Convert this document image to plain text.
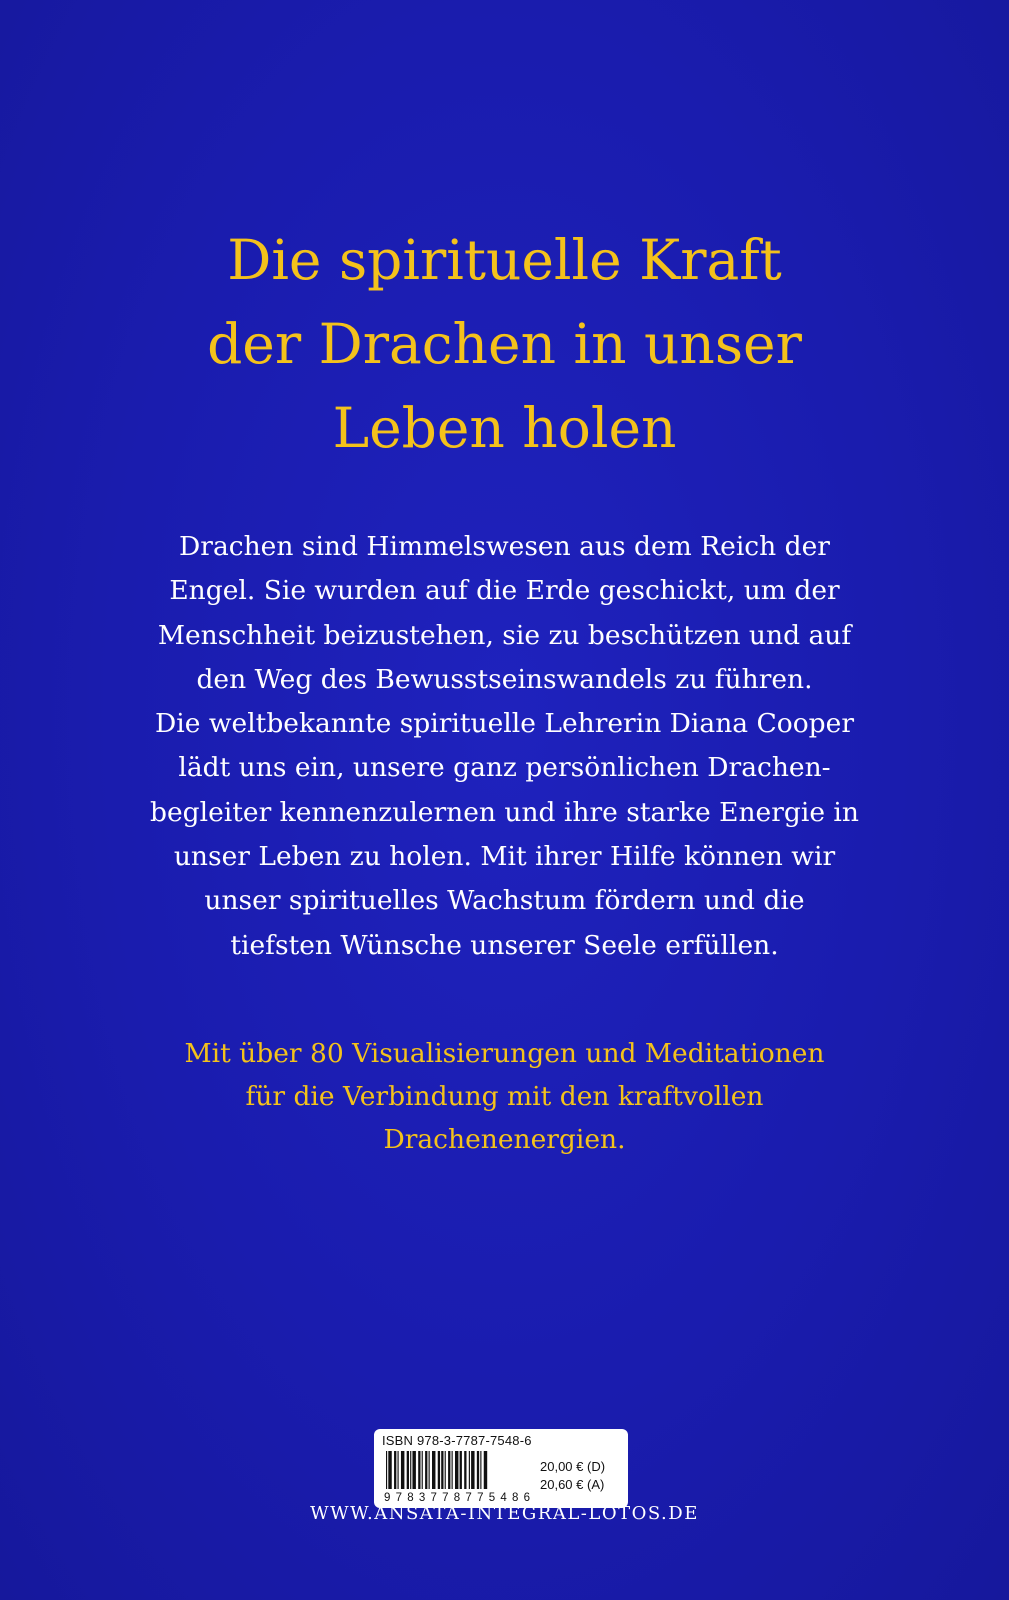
Die spirituelle Kraft
der Drachen in unser
Leben holen
Drachen sind Himmelswesen aus dem Reich der
Engel. Sie wurden auf die Erde geschickt, um der
Menschheit beizustehen, sie zu beschützen und auf
den Weg des Bewusstseinswandels zu führen.
Die weltbekannte spirituelle Lehrerin Diana Cooper
lädt uns ein, unsere ganz persönlichen Drachen-
begleiter kennenzulernen und ihre starke Energie in
unser Leben zu holen. Mit ihrer Hilfe können wir
unser spirituelles Wachstum fördern und die
tiefsten Wünsche unserer Seele erfüllen.
Mit über 80 Visualisierungen und Meditationen
für die Verbindung mit den kraftvollen
Drachenenergien.
ISBN 978-3-7787-7548-6
9783778775486
20,00 € (D)
20,60 € (A)
WWW.ANSATA-INTEGRAL-LOTOS.DE
